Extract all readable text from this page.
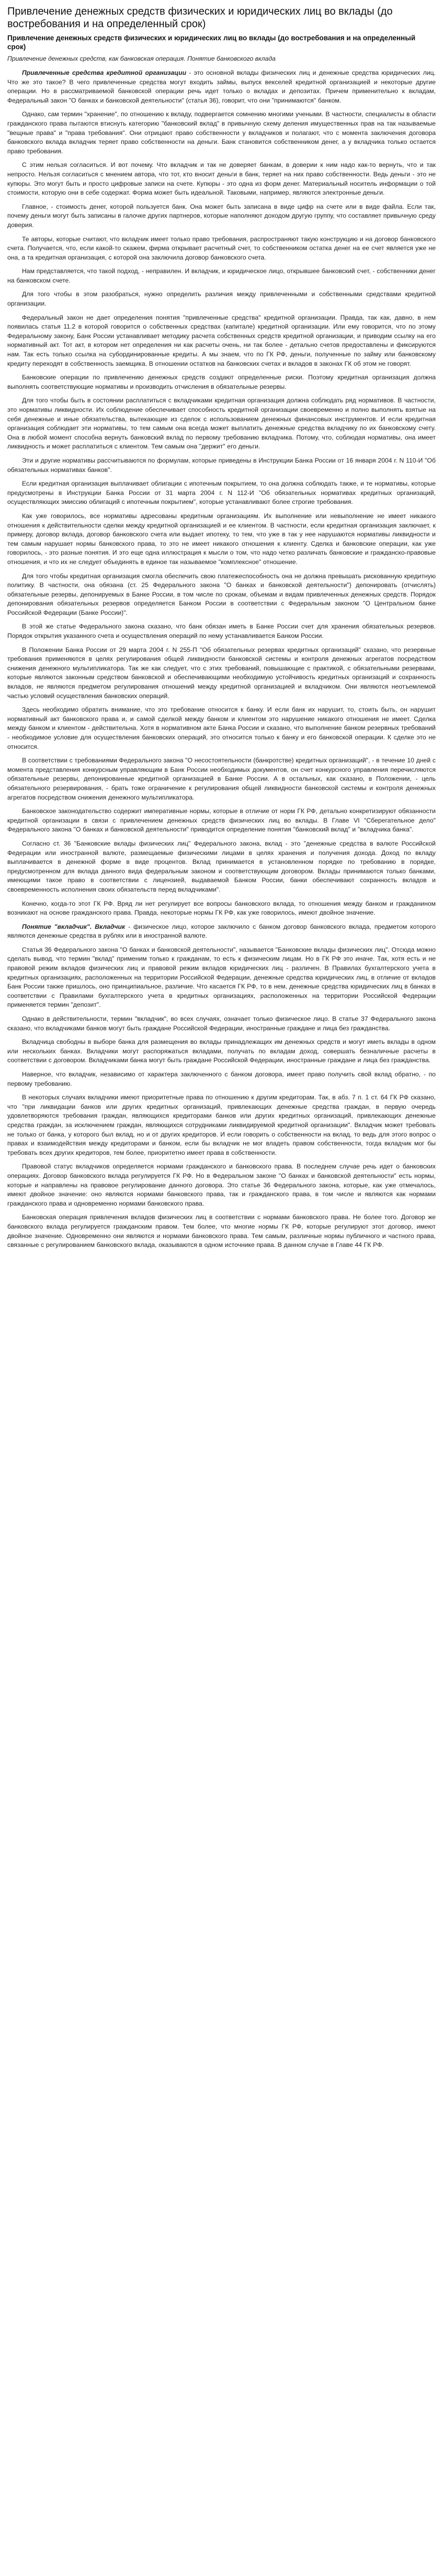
Привлечение денежных средств физических и юридических лиц во вклады (до востребования и на определенный срок)
Привлечение денежных средств физических и юридических лиц во вклады (до востребования и на определенный срок)
Привлечение денежных средств, как банковская операция. Понятие банковского вклада

Привлеченные средства кредитной организации - это основной вклады физических лиц и денежные средства юридических лиц. Что же это такое? В чего привлеченные средства могут входить займы, выпуск векселей кредитной организацией и некоторые другие операции. Но в рассматриваемой банковской операции речь идет только о вкладах и депозитах. Причем применительно к вкладам, Федеральный закон "О банках и банковской деятельности" (статья 36), говорит, что они "принимаются" банком.

Однако, сам термин "хранение", по отношению к вкладу, подвергается сомнению многими учеными. В частности, специалисты в области гражданского права пытаются втиснуть категорию "банковский вклад" в привычную схему деления имущественных прав на так называемые "вещные права" и "права требования". Они отрицают право собственности у вкладчиков и полагают, что с момента заключения договора банковского вклада вкладчик теряет право собственности на деньги. Банк становится собственником денег, а у вкладчика только остается право требования.

С этим нельзя согласиться. И вот почему. Что вкладчик и так не доверяет банкам, в доверии к ним надо как-то вернуть, что и так непросто. Нельзя согласиться с мнением автора, что тот, кто вносит деньги в банк, теряет на них право собственности. Ведь деньги - это не купюры. Это могут быть и просто цифровые записи на счете. Купюры - это одна из форм денег. Материальный носитель информации о той стоимости, которую они в себе содержат. Форма может быть идеальной. Таковыми, например, являются электронные деньги.

Главное, - стоимость денег, которой пользуется банк. Она может быть записана в виде цифр на счете или в виде файла. Если так, почему деньги могут быть записаны в галочке других партнеров, которые наполняют доходом другую группу, что составляет привычную среду доверия.

Те авторы, которые считают, что вкладчик имеет только право требования, распространяют такую конструкцию и на договор банковского счета. Получается, что, если какой-то скажем, фирма открывает расчетный счет, то собственником остатка денег на ее счет является уже не она, а та кредитная организация, с которой она заключила договор банковского счета.

Нам представляется, что такой подход, - неправилен. И вкладчик, и юридическое лицо, открывшее банковский счет, - собственники денег на банковском счете.

Для того чтобы в этом разобраться, нужно определить различия между привлеченными и собственными средствами кредитной организации.

Федеральный закон не дает определения понятия "привлеченные средства" кредитной организации. Правда, так как, давно, в нем появилась статья 11.2 в которой говорится о собственных средствах (капитале) кредитной организации. Или ему говорится, что по этому Федеральному закону, Банк России устанавливает методику расчета собственных средств кредитной организации, и приводим ссылку на его нормативный акт. Тот акт, в котором нет определения ни как расчеты очень, ни так более - детально счетов предоставлены и фиксируются нам. Так есть только ссылка на субординированные кредиты. А мы знаем, что по ГК РФ, деньги, полученные по займу или банковскому кредиту переходят в собственность заемщика. В отношении остатков на банковских счетах и вкладов в законах ГК об этом не говорят.

Банковские операции по привлечению денежных средств создают определенные риски. Поэтому кредитная организация должна выполнять соответствующие нормативы и производить отчисления в обязательные резервы.

Для того чтобы быть в состоянии расплатиться с вкладчиками кредитная организация должна соблюдать ряд нормативов. В частности, это нормативы ликвидности. Их соблюдение обеспечивает способность кредитной организации своевременно и полно выполнять взятые на себя денежные и иные обязательства, вытекающие из сделок с использованием денежных финансовых инструментов. И если кредитная организация соблюдает эти нормативы, то тем самым она всегда может выплатить денежные средства вкладчику по их банковскому счету. Она в любой момент способна вернуть банковский вклад по первому требованию вкладчика. Потому, что, соблюдая нормативы, она имеет ликвидность и может расплатиться с клиентом. Тем самым она "держит" его деньги.

Эти и другие нормативы рассчитываются по формулам, которые приведены в Инструкции Банка России от 16 января 2004 г. N 110-И "Об обязательных нормативах банков".

Если кредитная организация выплачивает облигации с ипотечным покрытием, то она должна соблюдать также, и те нормативы, которые предусмотрены в Инструкции Банка России от 31 марта 2004 г. N 112-И "Об обязательных нормативах кредитных организаций, осуществляющих эмиссию облигаций с ипотечным покрытием", которые устанавливают более строгие требования.

Как уже говорилось, все нормативы адресованы кредитным организациям. Их выполнение или невыполнение не имеет никакого отношения к действительности сделки между кредитной организацией и ее клиентом. В частности, если кредитная организация заключает, к примеру, договор вклада, договор банковского счета или выдает ипотеку, то тем, что уже в так у нее нарушаются нормативы ликвидности и тем самым нарушает нормы банковского права, то это не имеет никакого отношения к клиенту. Сделка и банковские операции, как уже говорилось, - это разные понятия. И это еще одна иллюстрация к мысли о том, что надо четко различать банковские и гражданско-правовые отношения, и что их не следует объединять в единое так называемое "комплексное" отношение.

Для того чтобы кредитная организация смогла обеспечить свою платежеспособность она не должна превышать рискованную кредитную политику. В частности, она обязана (ст. 25 Федерального закона "О банках и банковской деятельности") депонировать (отчислять) обязательные резервы, депонируемых в Банке России, в том числе по срокам, объемам и видам привлеченных денежных средств. Порядок депонирования обязательных резервов определяется Банком России в соответствии с Федеральным законом "О Центральном банке Российской Федерации (Банке России)".

В этой же статье Федерального закона сказано, что банк обязан иметь в Банке России счет для хранения обязательных резервов. Порядок открытия указанного счета и осуществления операций по нему устанавливается Банком России.

В Положении Банка России от 29 марта 2004 г. N 255-П "Об обязательных резервах кредитных организаций" сказано, что резервные требования применяются в целях регулирования общей ликвидности банковской системы и контроля денежных агрегатов посредством снижения денежного мультипликатора. Так же как следует, что с этих требований, повышающие с практикой, с обязательными резервами, которые являются законным средством банковской и обеспечивающими необходимую устойчивость кредитных организаций и сохранность вкладов, не являются предметом регулирования отношений между кредитной организацией и вкладчиком. Они являются неотъемлемой частью условий осуществления банковских операций.

Здесь необходимо обратить внимание, что это требование относится к банку. И если банк их нарушит, то, стоить быть, он нарушит нормативный акт банковского права и, и самой сделкой между банком и клиентом это нарушение никакого отношения не имеет. Сделка между банком и клиентом - действительна. Хотя в нормативном акте Банка России и сказано, что выполнение банком резервных требований - необходимое условие для осуществления банковских операций, это относится только к банку и его банковской операции. К сделке это не относится.

В соответствии с требованиями Федерального закона "О несостоятельности (банкротстве) кредитных организаций", - в течение 10 дней с момента представления конкурсным управляющим в Банк России необходимых документов, он счет конкурсного управления перечисляются обязательные резервы, депонированные кредитной организацией в Банке России. А в остальных, как сказано, в Положении, - цель обязательного резервирования, - брать тоже ограничение к регулирования общей ликвидности банковской системы и контроля денежных агрегатов посредством снижения денежного мультипликатора.

Банковское законодательство содержит императивные нормы, которые в отличие от норм ГК РФ, детально конкретизируют обязанности кредитной организации в связи с привлечением денежных средств физических лиц во вклады. В Главе VI "Сберегательное дело" Федерального закона "О банках и банковской деятельности" приводится определение понятия "банковский вклад" и "вкладчика банка".

Согласно ст. 36 "Банковские вклады физических лиц" Федерального закона, вклад - это "денежные средства в валюте Российской Федерации или иностранной валюте, размещаемые физическими лицами в целях хранения и получения дохода. Доход по вкладу выплачивается в денежной форме в виде процентов. Вклад принимается в установленном порядке по требованию в порядке, предусмотренном для вклада данного вида федеральным законом и соответствующим договором. Вклады принимаются только банками, имеющими такое право в соответствии с лицензией, выдаваемой Банком России, банки обеспечивают сохранность вкладов и своевременность исполнения своих обязательств перед вкладчиками".

Конечно, когда-то этот ГК РФ. Вряд ли нет регулирует все вопросы банковского вклада, то отношения между банком и гражданином возникают на основе гражданского права. Правда, некоторые нормы ГК РФ, как уже говорилось, имеют двойное значение.

Понятие "вкладчик". Вкладчик - физическое лицо, которое заключило с банком договор банковского вклада, предметом которого являются денежные средства в рублях или в иностранной валюте.

Статья 36 Федерального закона "О банках и банковской деятельности", называется "Банковские вклады физических лиц". Отсюда можно сделать вывод, что термин "вклад" применим только к гражданам, то есть к физическим лицам. Но в ГК РФ это иначе. Так, хотя есть и не правовой режим вкладов физических лиц и правовой режим вкладов юридических лиц - различен. В Правилах бухгалтерского учета в кредитных организациях, расположенных на территории Российской Федерации, денежные средства юридических лиц, в отличие от вкладов Банк России также пришлось, оно принципиальное, различие. Что касается ГК РФ, то в нем, денежные средства юридических лиц в банках в соответствии с Правилами бухгалтерского учета в кредитных организациях, расположенных на территории Российской Федерации применяется термин "депозит".

Однако в действительности, термин "вкладчик", во всех случаях, означает только физическое лицо. В статье 37 Федерального закона сказано, что вкладчиками банков могут быть граждане Российской Федерации, иностранные граждане и лица без гражданства.

Вкладчица свободны в выборе банка для размещения во вклады принадлежащих им денежных средств и могут иметь вклады в одном или нескольких банках. Вкладчики могут распоряжаться вкладами, получать по вкладам доход, совершать безналичные расчеты в соответствии с договором. Вкладчиками банка могут быть граждане Российской Федерации, иностранные граждане и лица без гражданства.

Наверное, что вкладчик, независимо от характера заключенного с банком договора, имеет право получить свой вклад обратно, - по первому требованию.

В некоторых случаях вкладчики имеют приоритетные права по отношению к другим кредиторам. Так, в абз. 7 п. 1 ст. 64 ГК РФ сказано, что "при ликвидации банков или других кредитных организаций, привлекающих денежные средства граждан, в первую очередь удовлетворяются требования граждан, являющихся кредиторами банков или других кредитных организаций, привлекающих денежные средства граждан, за исключением граждан, являющихся сотрудниками ликвидируемой кредитной организации". Вкладчик может требовать не только от банка, у которого был вклад, но и от других кредиторов. И если говорить о собственности на вклад, то ведь для этого вопрос о правах и взаимодействия между кредиторами и банком, если бы вкладчик не мог владеть правом собственности, тогда вкладчик мог бы требовать всех других кредиторов, тем более, приоритетно имеет права в собственности.

Правовой статус вкладчиков определяется нормами гражданского и банковского права. В последнем случае речь идет о банковских операциях. Договор банковского вклада регулируется ГК РФ. Но в Федеральном законе "О банках и банковской деятельности" есть нормы, которые и направлены на правовое регулирование данного договора. Это статье 36 Федерального закона, которые, как уже отмечалось, имеют двойное значение: оно являются нормами банковского права, так и гражданского права, в том числе и являются как нормами гражданского права и одновременно нормами банковского права.

Банковская операция привлечения вкладов физических лиц в соответствии с нормами банковского права. Не более того. Договор же банковского вклада регулируется гражданским правом. Тем более, что многие нормы ГК РФ, которые регулируют этот договор, имеют двойное значение. Одновременно они являются и нормами банковского права. Тем самым, различные нормы публичного и частного права, связанные с регулированием банковского вклада, оказываются в одном источнике права. В данном случае в Главе 44 ГК РФ.
